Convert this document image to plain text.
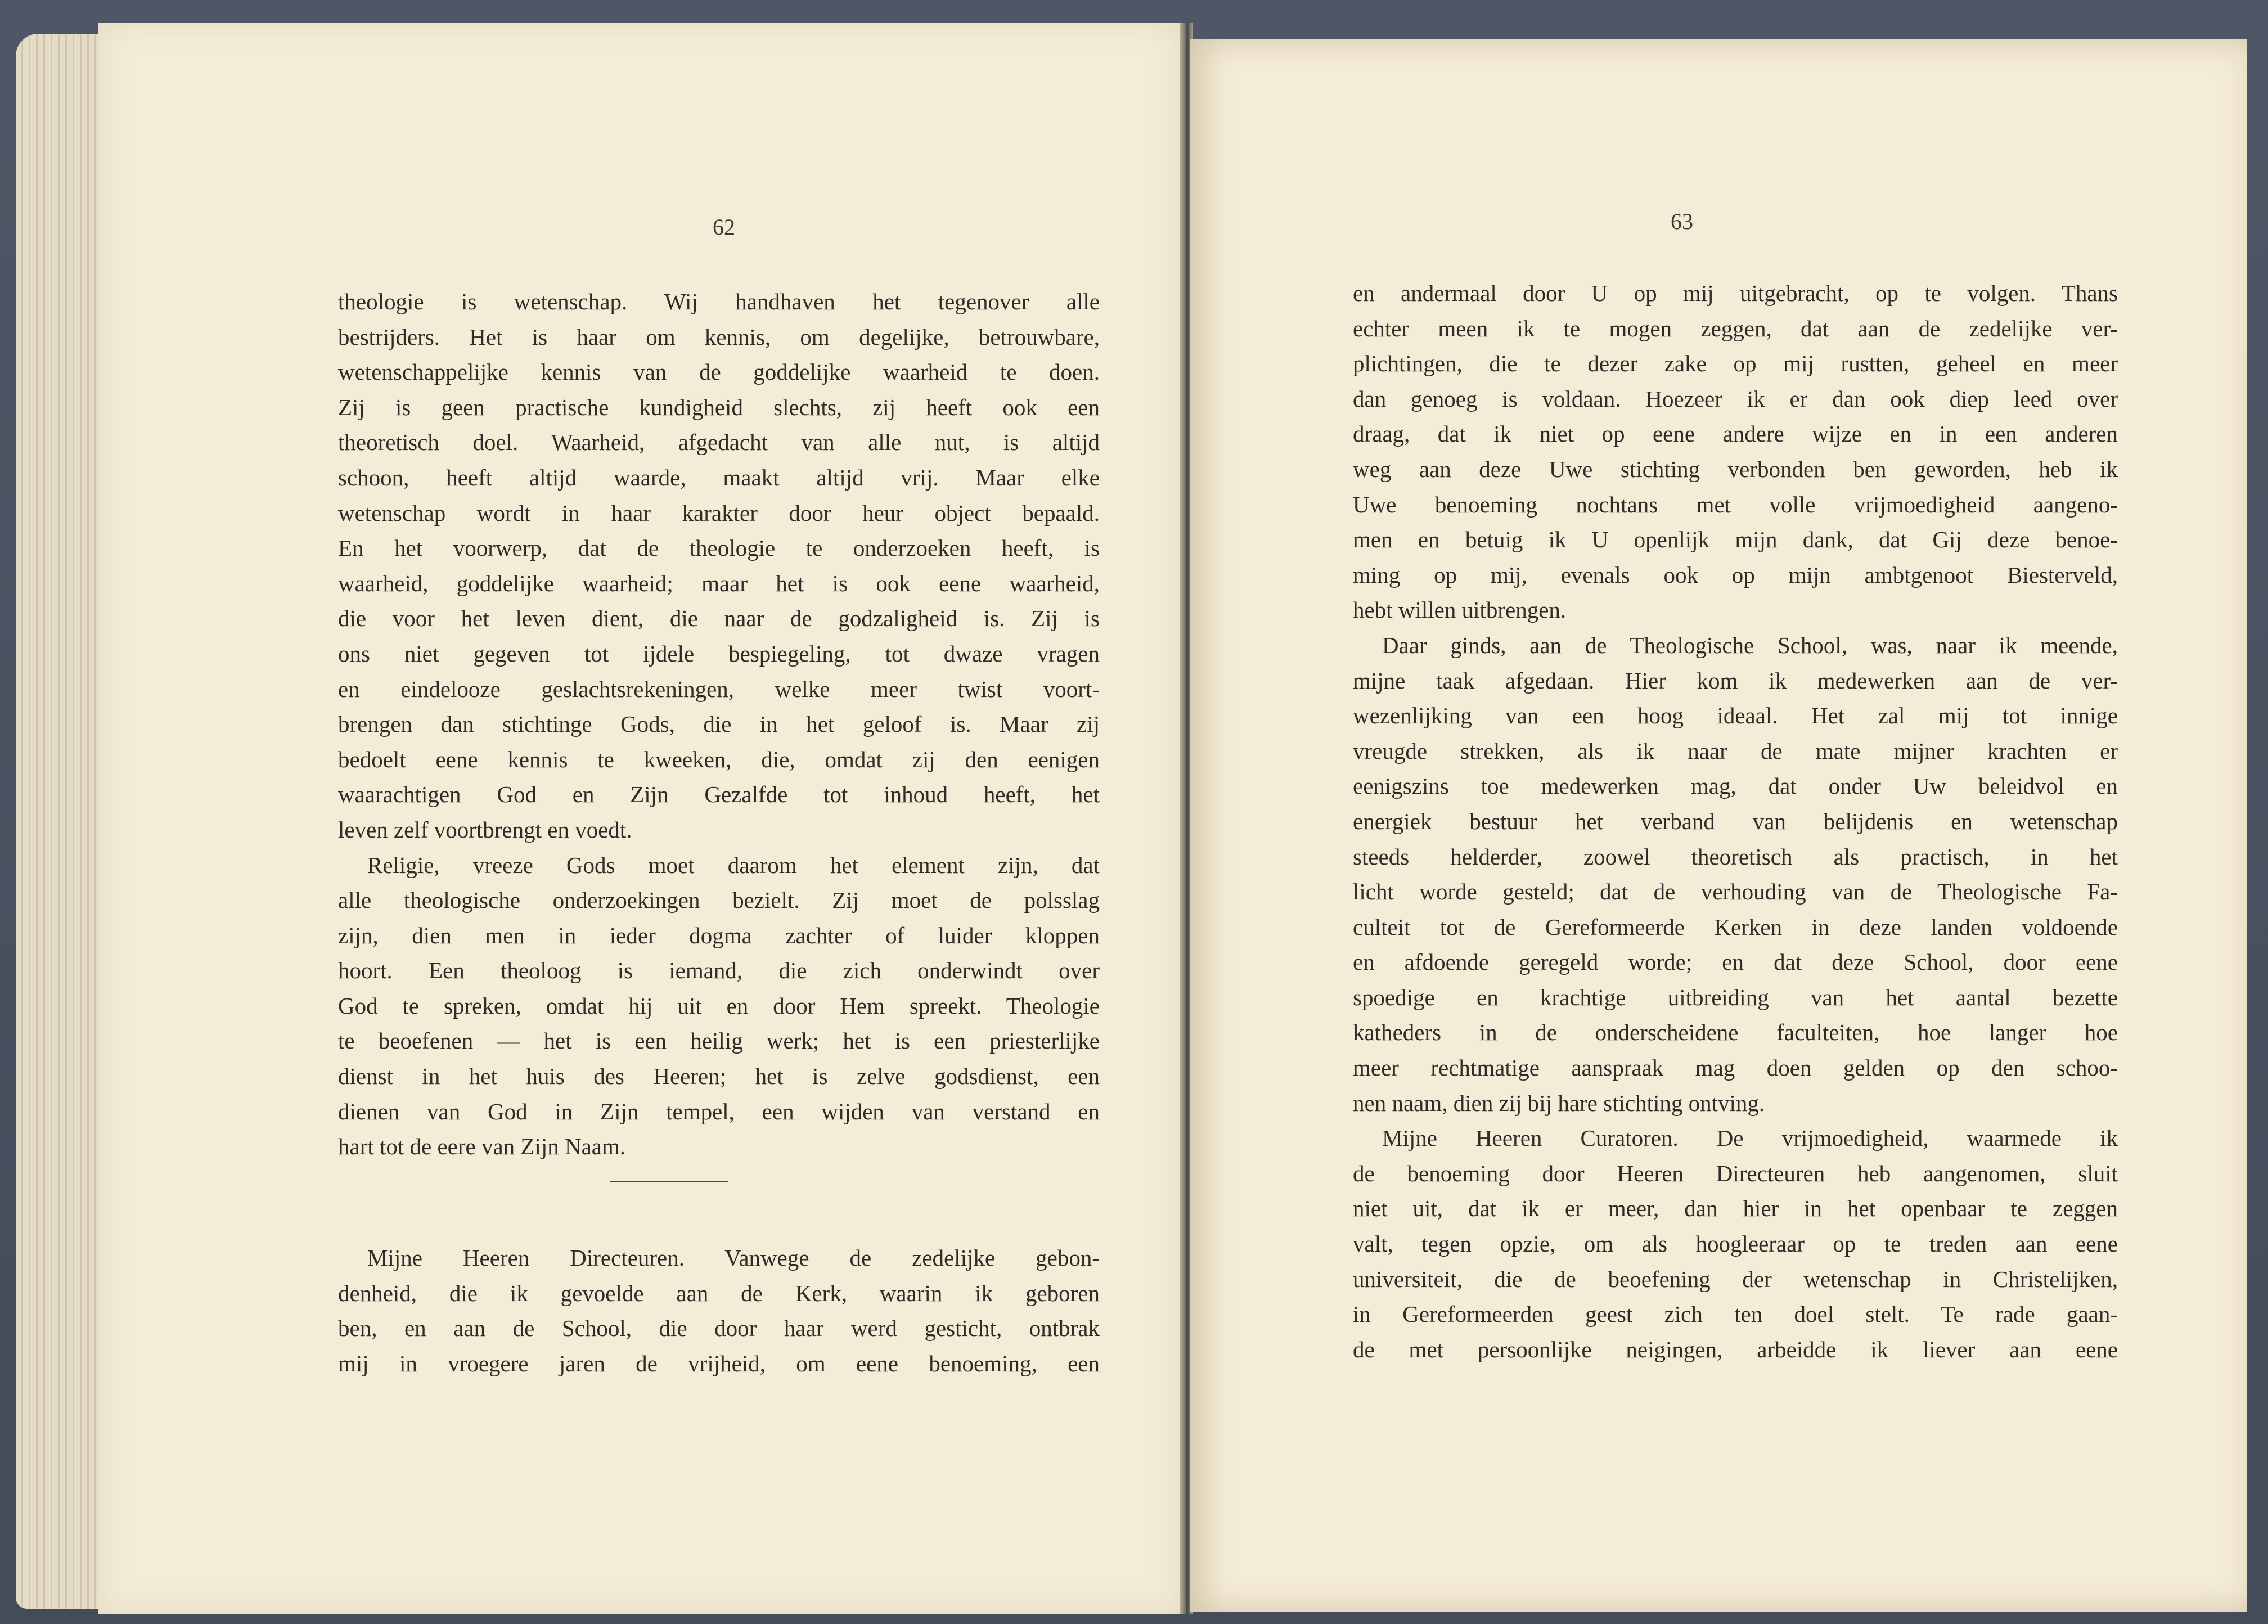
62
theologie is wetenschap. Wij handhaven het tegenover alle
bestrijders. Het is haar om kennis, om degelijke, betrouwbare,
wetenschappelijke kennis van de goddelijke waarheid te doen.
Zij is geen practische kundigheid slechts, zij heeft ook een
theoretisch doel. Waarheid, afgedacht van alle nut, is altijd
schoon, heeft altijd waarde, maakt altijd vrij. Maar elke
wetenschap wordt in haar karakter door heur object bepaald.
En het voorwerp, dat de theologie te onderzoeken heeft, is
waarheid, goddelijke waarheid; maar het is ook eene waarheid,
die voor het leven dient, die naar de godzaligheid is. Zij is
ons niet gegeven tot ijdele bespiegeling, tot dwaze vragen
en eindelooze geslachtsrekeningen, welke meer twist voort-
brengen dan stichtinge Gods, die in het geloof is. Maar zij
bedoelt eene kennis te kweeken, die, omdat zij den eenigen
waarachtigen God en Zijn Gezalfde tot inhoud heeft, het
leven zelf voortbrengt en voedt.
Religie, vreeze Gods moet daarom het element zijn, dat
alle theologische onderzoekingen bezielt. Zij moet de polsslag
zijn, dien men in ieder dogma zachter of luider kloppen
hoort. Een theoloog is iemand, die zich onderwindt over
God te spreken, omdat hij uit en door Hem spreekt. Theologie
te beoefenen — het is een heilig werk; het is een priesterlijke
dienst in het huis des Heeren; het is zelve godsdienst, een
dienen van God in Zijn tempel, een wijden van verstand en
hart tot de eere van Zijn Naam.
Mijne Heeren Directeuren. Vanwege de zedelijke gebon-
denheid, die ik gevoelde aan de Kerk, waarin ik geboren
ben, en aan de School, die door haar werd gesticht, ontbrak
mij in vroegere jaren de vrijheid, om eene benoeming, een
63
en andermaal door U op mij uitgebracht, op te volgen. Thans
echter meen ik te mogen zeggen, dat aan de zedelijke ver-
plichtingen, die te dezer zake op mij rustten, geheel en meer
dan genoeg is voldaan. Hoezeer ik er dan ook diep leed over
draag, dat ik niet op eene andere wijze en in een anderen
weg aan deze Uwe stichting verbonden ben geworden, heb ik
Uwe benoeming nochtans met volle vrijmoedigheid aangeno-
men en betuig ik U openlijk mijn dank, dat Gij deze benoe-
ming op mij, evenals ook op mijn ambtgenoot Biesterveld,
hebt willen uitbrengen.
Daar ginds, aan de Theologische School, was, naar ik meende,
mijne taak afgedaan. Hier kom ik medewerken aan de ver-
wezenlijking van een hoog ideaal. Het zal mij tot innige
vreugde strekken, als ik naar de mate mijner krachten er
eenigszins toe medewerken mag, dat onder Uw beleidvol en
energiek bestuur het verband van belijdenis en wetenschap
steeds helderder, zoowel theoretisch als practisch, in het
licht worde gesteld; dat de verhouding van de Theologische Fa-
culteit tot de Gereformeerde Kerken in deze landen voldoende
en afdoende geregeld worde; en dat deze School, door eene
spoedige en krachtige uitbreiding van het aantal bezette
katheders in de onderscheidene faculteiten, hoe langer hoe
meer rechtmatige aanspraak mag doen gelden op den schoo-
nen naam, dien zij bij hare stichting ontving.
Mijne Heeren Curatoren. De vrijmoedigheid, waarmede ik
de benoeming door Heeren Directeuren heb aangenomen, sluit
niet uit, dat ik er meer, dan hier in het openbaar te zeggen
valt, tegen opzie, om als hoogleeraar op te treden aan eene
universiteit, die de beoefening der wetenschap in Christelijken,
in Gereformeerden geest zich ten doel stelt. Te rade gaan-
de met persoonlijke neigingen, arbeidde ik liever aan eene
